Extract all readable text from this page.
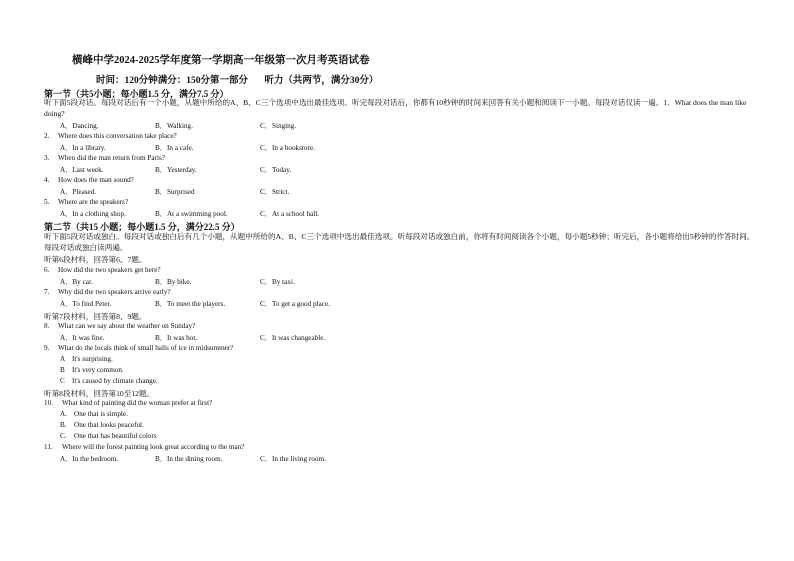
横峰中学2024-2025学年度第一学期高一年级第一次月考英语试卷
时间：120分钟满分：150分第一部分 听力（共两节，满分30分）
第一节（共5小题；每小题1.5 分，满分7.5 分）
听下面5段对话。每段对话后有一个小题，从题中所给的A、B、C三个选项中选出最佳选项。听完每段对话后，你都有10秒钟的时间来回答有关小题和阅读下一小题。每段对话仅读一遍。1．What does the man like doing?
A．Dancing.	B．Walking.	C．Singing.
2. Where does this conversation take place?
A．In a library.	B．In a cafe.	C．In a bookstore.
3. When did the man return from Paris?
A．Last week.	B．Yesterday.	C．Today.
4. How does the man sound?
A．Pleased.	B．Surprised	C．Strict.
5. Where are the speakers?
A．In a clothing shop.	B．At a swimming pool.	C．At a school hall.
第二节（共15 小题；每小题1.5 分，满分22.5 分）
听下面5段对话或独白。每段对话或独白后有几个小题，从题中所给的A、B、C三个选项中选出最佳选项。听每段对话或独白前，你将有时间阅读各个小题，每小题5秒钟；听完后，各小题将给出5秒钟的作答时间。每段对话或独白读两遍。
听第6段材料，回答第6、7题。
6. How did the two speakers get here?
A．By car.	B．By bike.	C．By taxi.
7. Why did the two speakers arrive early?
A．To find Peter.	B．To meet the players.	C．To get a good place.
听第7段材料，回答第8、9题。
8. What can we say about the weather on Sunday?
A．It was fine.	B．It was hot.	C．It was changeable.
9. What do the locals think of small balls of ice in midsummer?
A It's surprising.
B It's very common.
C It's caused by climate change.
听第8段材料，回答第10至12题。
10. What kind of painting did the woman prefer at first?
A. One that is simple.
B. One that looks peaceful.
C. One that has beautiful colors
11. Where will the forest painting look great according to the man?
A．In the bedroom.	B．In the dining room.	C．In the living room.
